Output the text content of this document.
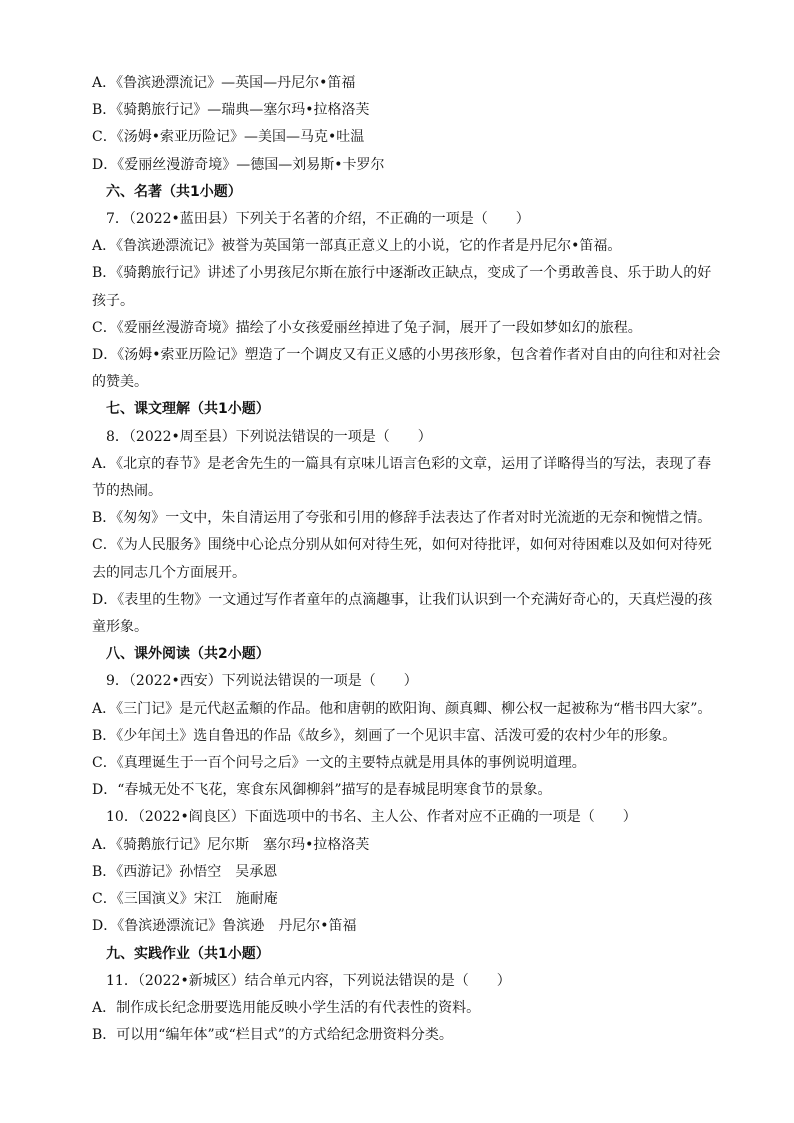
A．《鲁滨逊漂流记》—英国—丹尼尔•笛福
B．《骑鹅旅行记》—瑞典—塞尔玛•拉格洛芙
C．《汤姆•索亚历险记》—美国—马克•吐温
D．《爱丽丝漫游奇境》—德国—刘易斯•卡罗尔
六、名著（共1小题）
7．（2022•蓝田县）下列关于名著的介绍，不正确的一项是（　　）
A．《鲁滨逊漂流记》被誉为英国第一部真正意义上的小说，它的作者是丹尼尔•笛福。
B．《骑鹅旅行记》讲述了小男孩尼尔斯在旅行中逐渐改正缺点，变成了一个勇敢善良、乐于助人的好
孩子。
C．《爱丽丝漫游奇境》描绘了小女孩爱丽丝掉进了兔子洞，展开了一段如梦如幻的旅程。
D．《汤姆•索亚历险记》塑造了一个调皮又有正义感的小男孩形象，包含着作者对自由的向往和对社会
的赞美。
七、课文理解（共1小题）
8．（2022•周至县）下列说法错误的一项是（　　）
A．《北京的春节》是老舍先生的一篇具有京味儿语言色彩的文章，运用了详略得当的写法，表现了春
节的热闹。
B．《匆匆》一文中，朱自清运用了夸张和引用的修辞手法表达了作者对时光流逝的无奈和惋惜之情。
C．《为人民服务》围绕中心论点分别从如何对待生死，如何对待批评，如何对待困难以及如何对待死
去的同志几个方面展开。
D．《表里的生物》一文通过写作者童年的点滴趣事，让我们认识到一个充满好奇心的，天真烂漫的孩
童形象。
八、课外阅读（共2小题）
9．（2022•西安）下列说法错误的一项是（　　）
A．《三门记》是元代赵孟頫的作品。他和唐朝的欧阳询、颜真卿、柳公权一起被称为“楷书四大家”。
B．《少年闰土》选自鲁迅的作品《故乡》，刻画了一个见识丰富、活泼可爱的农村少年的形象。
C．《真理诞生于一百个问号之后》一文的主要特点就是用具体的事例说明道理。
D．“春城无处不飞花，寒食东风御柳斜”描写的是春城昆明寒食节的景象。
10．（2022•阎良区）下面选项中的书名、主人公、作者对应不正确的一项是（　　）
A．《骑鹅旅行记》尼尔斯　塞尔玛•拉格洛芙
B．《西游记》孙悟空　吴承恩
C．《三国演义》宋江　施耐庵
D．《鲁滨逊漂流记》鲁滨逊　丹尼尔•笛福
九、实践作业（共1小题）
11．（2022•新城区）结合单元内容，下列说法错误的是（　　）
A．制作成长纪念册要选用能反映小学生活的有代表性的资料。
B．可以用“编年体”或“栏目式”的方式给纪念册资料分类。
